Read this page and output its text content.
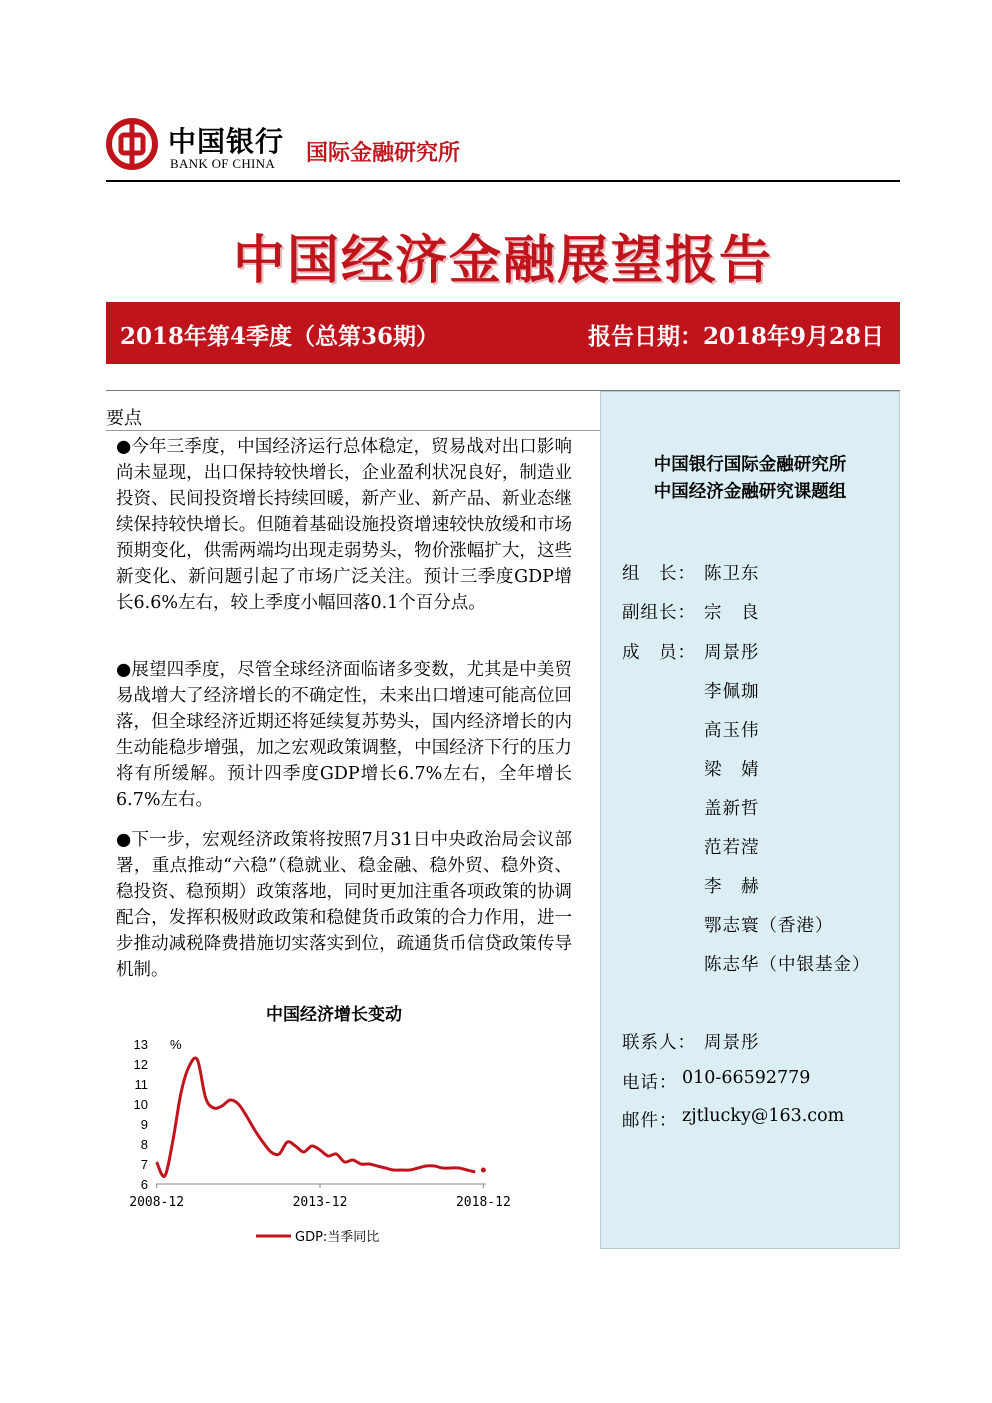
中国银行
BANK OF CHINA 国际金融研究所
中国经济金融展望报告
2018年第4季度（总第36期）	报告日期：2018年9月28日
中国银行国际金融研究所
中国经济金融研究课题组
组　长： 陈卫东
副组长： 宗　良
成　员： 周景彤
李佩珈
高玉伟
梁　婧
盖新哲
范若滢
李　赫
鄂志寰（香港）
陈志华（中银基金）
联系人： 周景彤
电话： 010-66592779
邮件： zjtlucky@163.com
要点
●今年三季度，中国经济运行总体稳定，贸易战对出口影响尚未显现，出口保持较快增长，企业盈利状况良好，制造业投资、民间投资增长持续回暖，新产业、新产品、新业态继续保持较快增长。但随着基础设施投资增速较快放缓和市场预期变化，供需两端均出现走弱势头，物价涨幅扩大，这些新变化、新问题引起了市场广泛关注。预计三季度GDP增长6.6%左右，较上季度小幅回落0.1个百分点。
●展望四季度，尽管全球经济面临诸多变数，尤其是中美贸易战增大了经济增长的不确定性，未来出口增速可能高位回落，但全球经济近期还将延续复苏势头，国内经济增长的内生动能稳步增强，加之宏观政策调整，中国经济下行的压力将有所缓解。预计四季度GDP增长6.7%左右，全年增长6.7%左右。
●下一步，宏观经济政策将按照7月31日中央政治局会议部署，重点推动“六稳”（稳就业、稳金融、稳外贸、稳外资、稳投资、稳预期）政策落地，同时更加注重各项政策的协调配合，发挥积极财政政策和稳健货币政策的合力作用，进一步推动减税降费措施切实落实到位，疏通货币信贷政策传导机制。
中国经济增长变动
6
7
8
9
10
11
12
13 %
2008-12	2013-12	2018-12
GDP:当季同比
